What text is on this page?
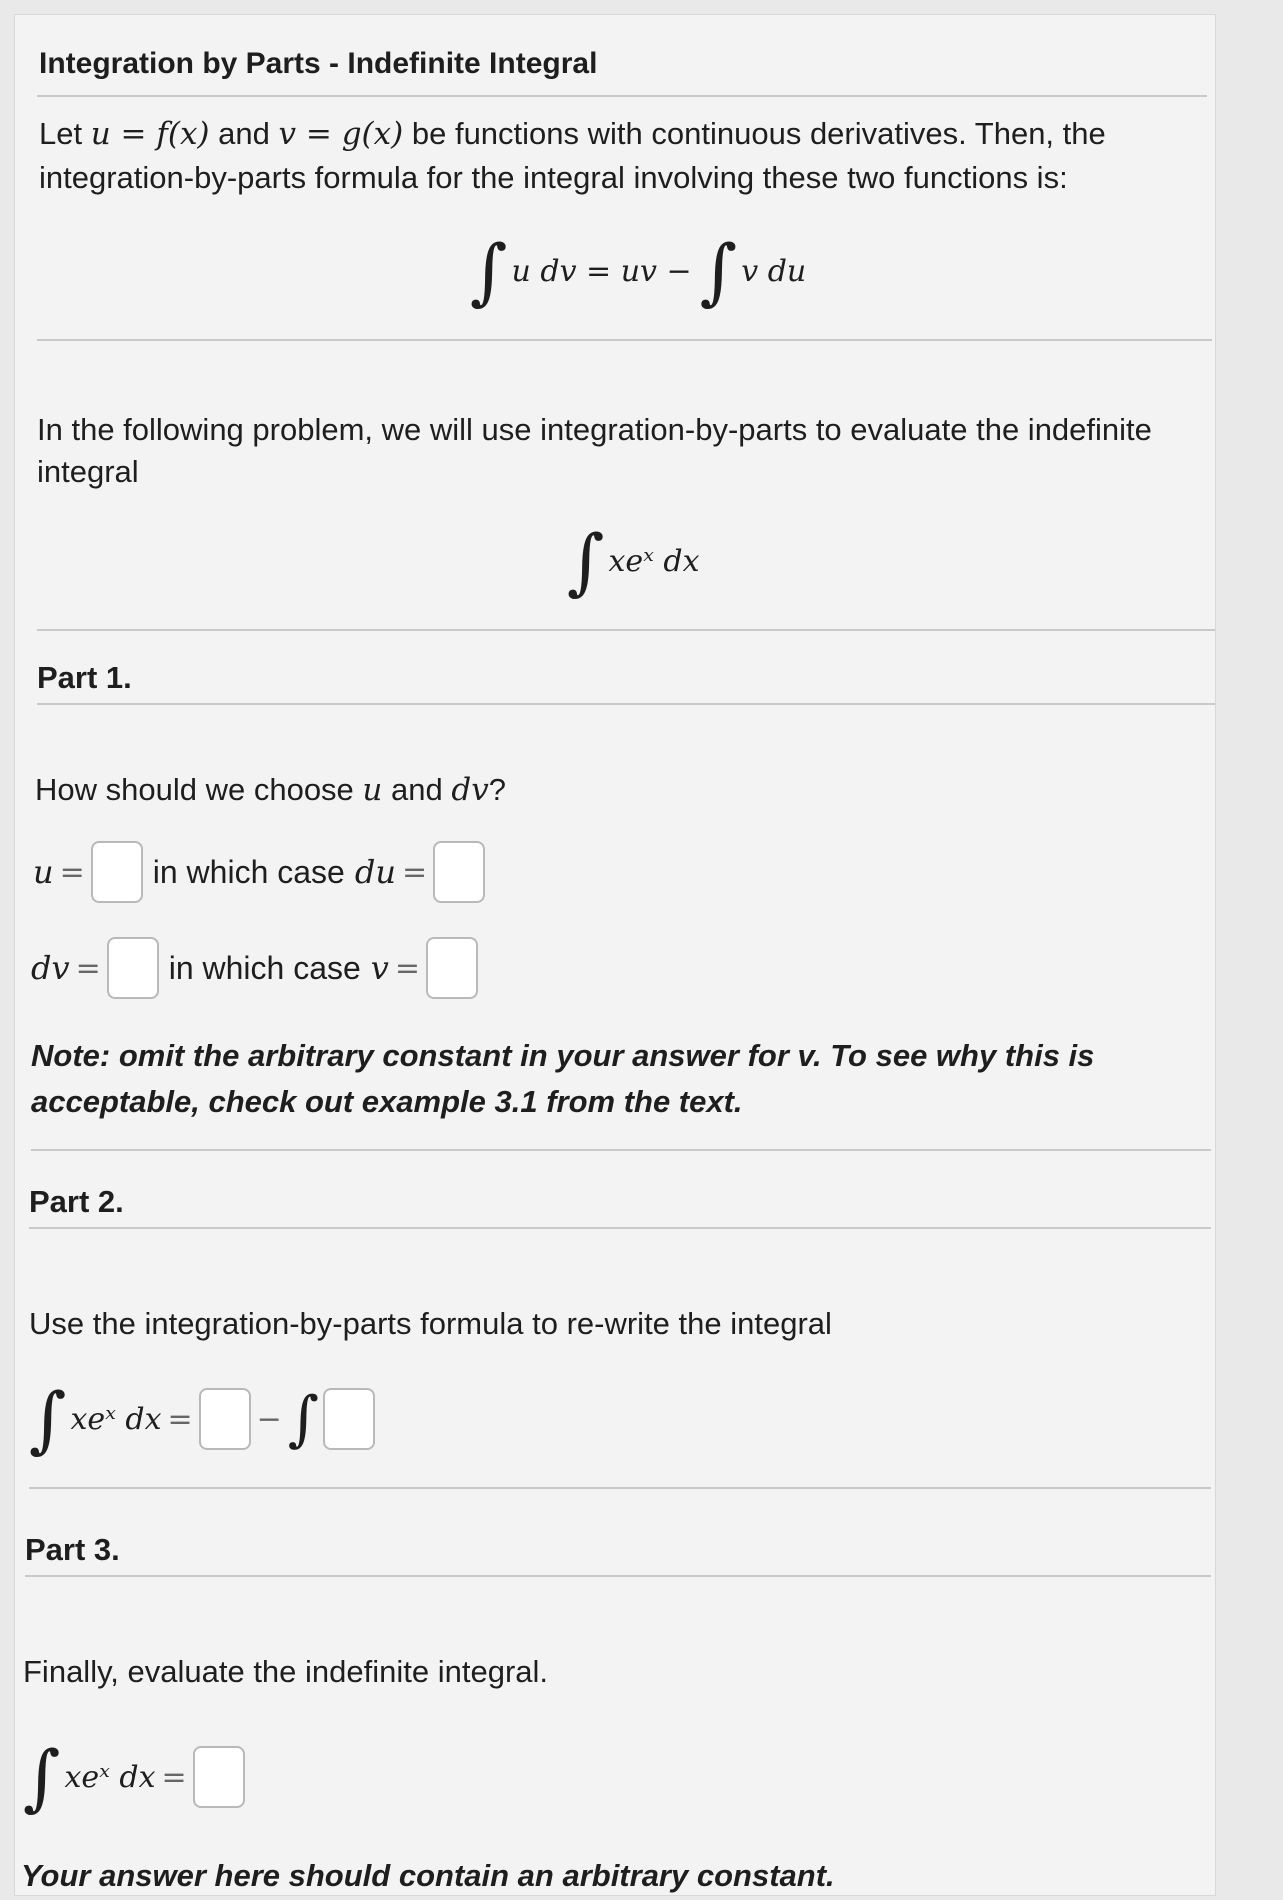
Integration by Parts - Indefinite Integral
Let u = f(x) and v = g(x) be functions with continuous derivatives. Then, the
integration-by-parts formula for the integral involving these two functions is:
∫ u dv = uv − ∫ v du
In the following problem, we will use integration-by-parts to evaluate the indefinite
integral
∫ xeˣ dx
Part 1.
How should we choose u and dv?
u = in which case du =
dv = in which case v =
Note: omit the arbitrary constant in your answer for v. To see why this is
acceptable, check out example 3.1 from the text.
Part 2.
Use the integration-by-parts formula to re-write the integral
∫ xeˣ dx = − ∫
Part 3.
Finally, evaluate the indefinite integral.
∫ xeˣ dx =
Your answer here should contain an arbitrary constant.
